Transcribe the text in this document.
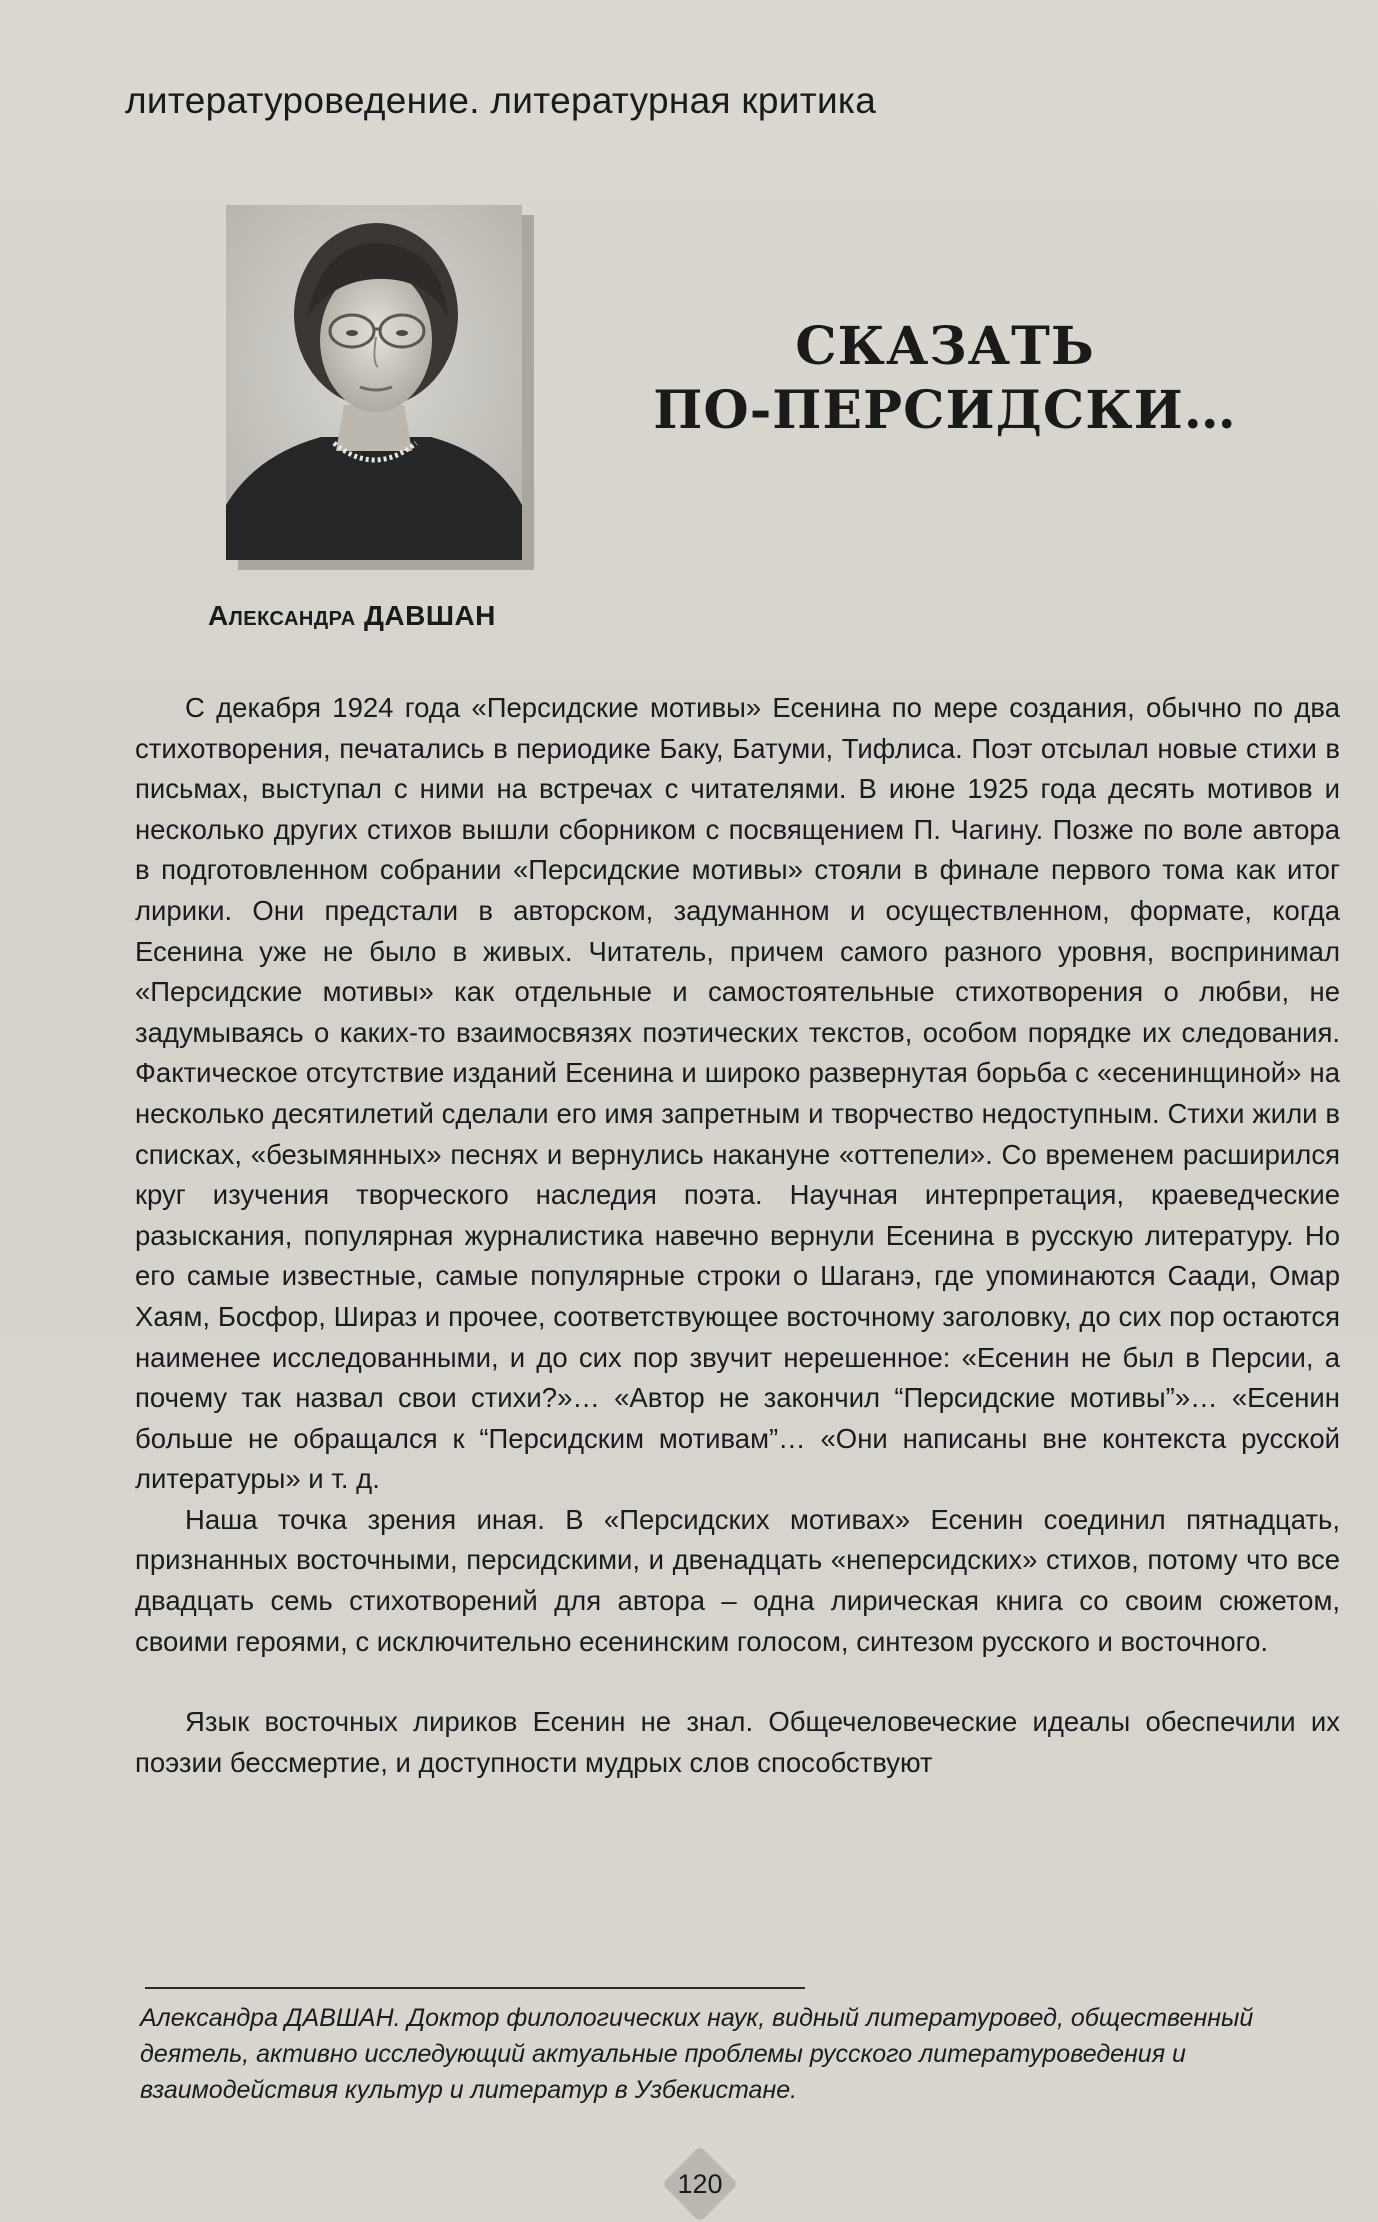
литературоведение. литературная критика
Александра ДАВШАН
СКАЗАТЬ
ПО-ПЕРСИДСКИ…

С декабря 1924 года «Персидские мотивы» Есенина по мере создания, обычно по два стихотворения, печатались в периодике Баку, Батуми, Тифлиса. Поэт отсылал новые стихи в письмах, выступал с ними на встречах с читателями. В июне 1925 года десять мотивов и несколько других стихов вышли сборником с посвящением П. Чагину. Позже по воле автора в подготовленном собрании «Персидские мотивы» стояли в финале первого тома как итог лирики. Они предстали в авторском, задуманном и осуществленном, формате, когда Есенина уже не было в живых. Читатель, причем самого разного уровня, воспринимал «Персидские мотивы» как отдельные и самостоятельные стихотворения о любви, не задумываясь о каких-то взаимосвязях поэтических текстов, особом порядке их следования. Фактическое отсутствие изданий Есенина и широко развернутая борьба с «есенинщиной» на несколько десятилетий сделали его имя запретным и творчество недоступным. Стихи жили в списках, «безымянных» песнях и вернулись накануне «оттепели». Со временем расширился круг изучения творческого наследия поэта. Научная интерпретация, краеведческие разыскания, популярная журналистика навечно вернули Есенина в русскую литературу. Но его самые известные, самые популярные строки о Шаганэ, где упоминаются Саади, Омар Хаям, Босфор, Шираз и прочее, соответствующее восточному заголовку, до сих пор остаются наименее исследованными, и до сих пор звучит нерешенное: «Есенин не был в Персии, а почему так назвал свои стихи?»… «Автор не закончил “Персидские мотивы”»… «Есенин больше не обращался к “Персидским мотивам”… «Они написаны вне контекста русской литературы» и т. д.

Наша точка зрения иная. В «Персидских мотивах» Есенин соединил пятнадцать, признанных восточными, персидскими, и двенадцать «неперсидских» стихов, потому что все двадцать семь стихотворений для автора – одна лирическая книга со своим сюжетом, своими героями, с исключительно есенинским голосом, синтезом русского и восточного.

Язык восточных лириков Есенин не знал. Общечеловеческие идеалы обеспечили их поэзии бессмертие, и доступности мудрых слов способствуют

Александра ДАВШАН. Доктор филологических наук, видный литературовед, общественный деятель, активно исследующий актуальные проблемы русского литературоведения и взаимодействия культур и литератур в Узбекистане.
120
